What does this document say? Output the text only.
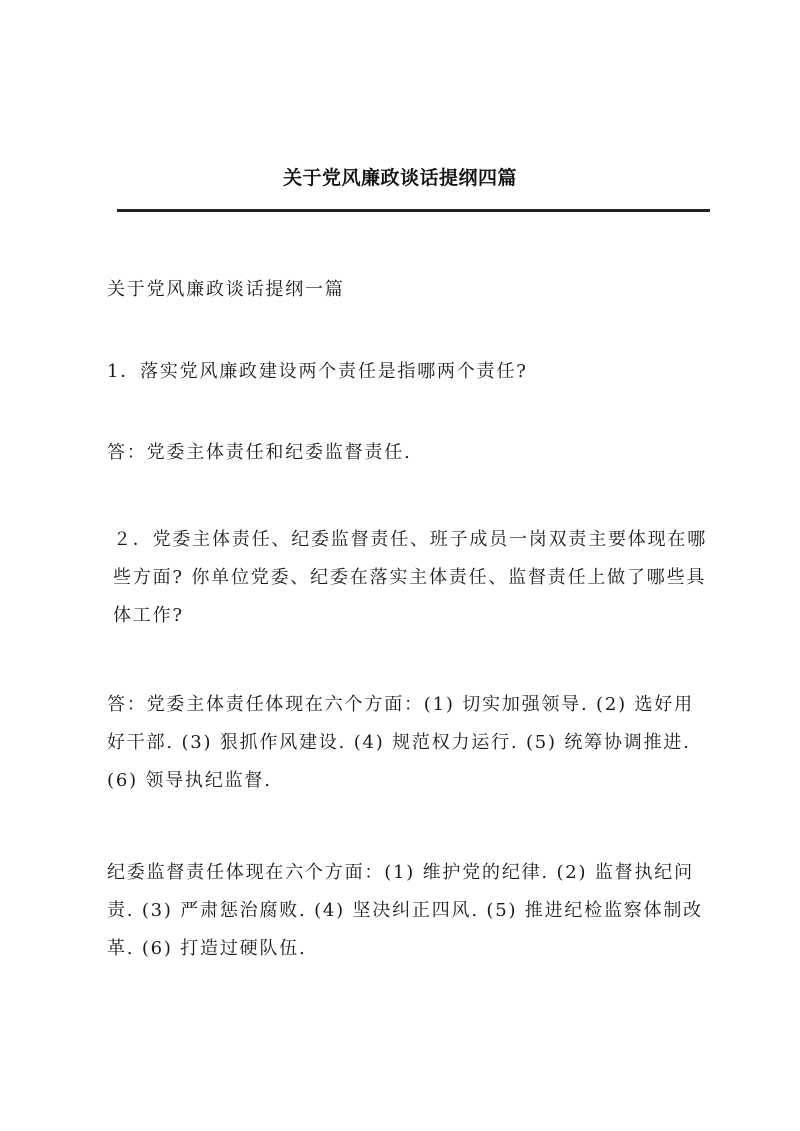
关于党风廉政谈话提纲四篇

关于党风廉政谈话提纲一篇

1．落实党风廉政建设两个责任是指哪两个责任?

答：党委主体责任和纪委监督责任.

２．党委主体责任、纪委监督责任、班子成员一岗双责主要体现在哪些方面? 你单位党委、纪委在落实主体责任、监督责任上做了哪些具体工作?

答：党委主体责任体现在六个方面：(1) 切实加强领导. (2) 选好用好干部. (3) 狠抓作风建设. (4) 规范权力运行. (5) 统筹协调推进. (6) 领导执纪监督.

纪委监督责任体现在六个方面：(1) 维护党的纪律. (2) 监督执纪问责. (3) 严肃惩治腐败. (4) 坚决纠正四风. (5) 推进纪检监察体制改革. (6) 打造过硬队伍.
